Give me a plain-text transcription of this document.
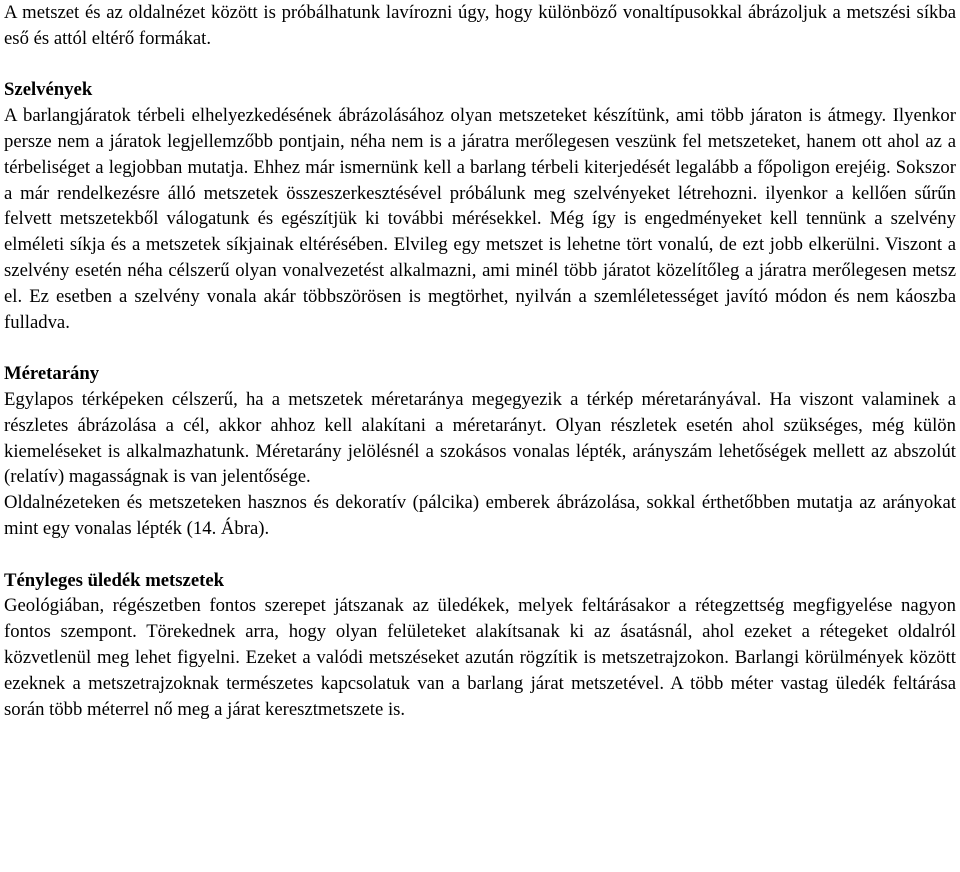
A metszet és az oldalnézet között is próbálhatunk lavírozni úgy, hogy különböző vonaltípusokkal ábrázoljuk a metszési síkba eső és attól eltérő formákat.

Szelvények

A barlangjáratok térbeli elhelyezkedésének ábrázolásához olyan metszeteket készítünk, ami több járaton is átmegy. Ilyenkor persze nem a járatok legjellemzőbb pontjain, néha nem is a járatra merőlegesen veszünk fel metszeteket, hanem ott ahol az a térbeliséget a legjobban mutatja. Ehhez már ismernünk kell a barlang térbeli kiterjedését legalább a főpoligon erejéig. Sokszor a már rendelkezésre álló metszetek összeszerkesztésével próbálunk meg szelvényeket létrehozni. ilyenkor a kellően sűrűn felvett metszetekből válogatunk és egészítjük ki további mérésekkel. Még így is engedményeket kell tennünk a szelvény elméleti síkja és a metszetek síkjainak eltérésében. Elvileg egy metszet is lehetne tört vonalú, de ezt jobb elkerülni. Viszont a szelvény esetén néha célszerű olyan vonalvezetést alkalmazni, ami minél több járatot közelítőleg a járatra merőlegesen metsz el. Ez esetben a szelvény vonala akár többszörösen is megtörhet, nyilván a szemléletességet javító módon és nem káoszba fulladva.

Méretarány

Egylapos térképeken célszerű, ha a metszetek méretaránya megegyezik a térkép méretarányával. Ha viszont valaminek a részletes ábrázolása a cél, akkor ahhoz kell alakítani a méretarányt. Olyan részletek esetén ahol szükséges, még külön kiemeléseket is alkalmazhatunk. Méretarány jelölésnél a szokásos vonalas lépték, arányszám lehetőségek mellett az abszolút (relatív) magasságnak is van jelentősége.

Oldalnézeteken és metszeteken hasznos és dekoratív (pálcika) emberek ábrázolása, sokkal érthetőbben mutatja az arányokat mint egy vonalas lépték (14. Ábra).

Tényleges üledék metszetek

Geológiában, régészetben fontos szerepet játszanak az üledékek, melyek feltárásakor a rétegzettség megfigyelése nagyon fontos szempont. Törekednek arra, hogy olyan felületeket alakítsanak ki az ásatásnál, ahol ezeket a rétegeket oldalról közvetlenül meg lehet figyelni. Ezeket a valódi metszéseket azután rögzítik is metszetrajzokon. Barlangi körülmények között ezeknek a metszetrajzoknak természetes kapcsolatuk van a barlang járat metszetével. A több méter vastag üledék feltárása során több méterrel nő meg a járat keresztmetszete is.
